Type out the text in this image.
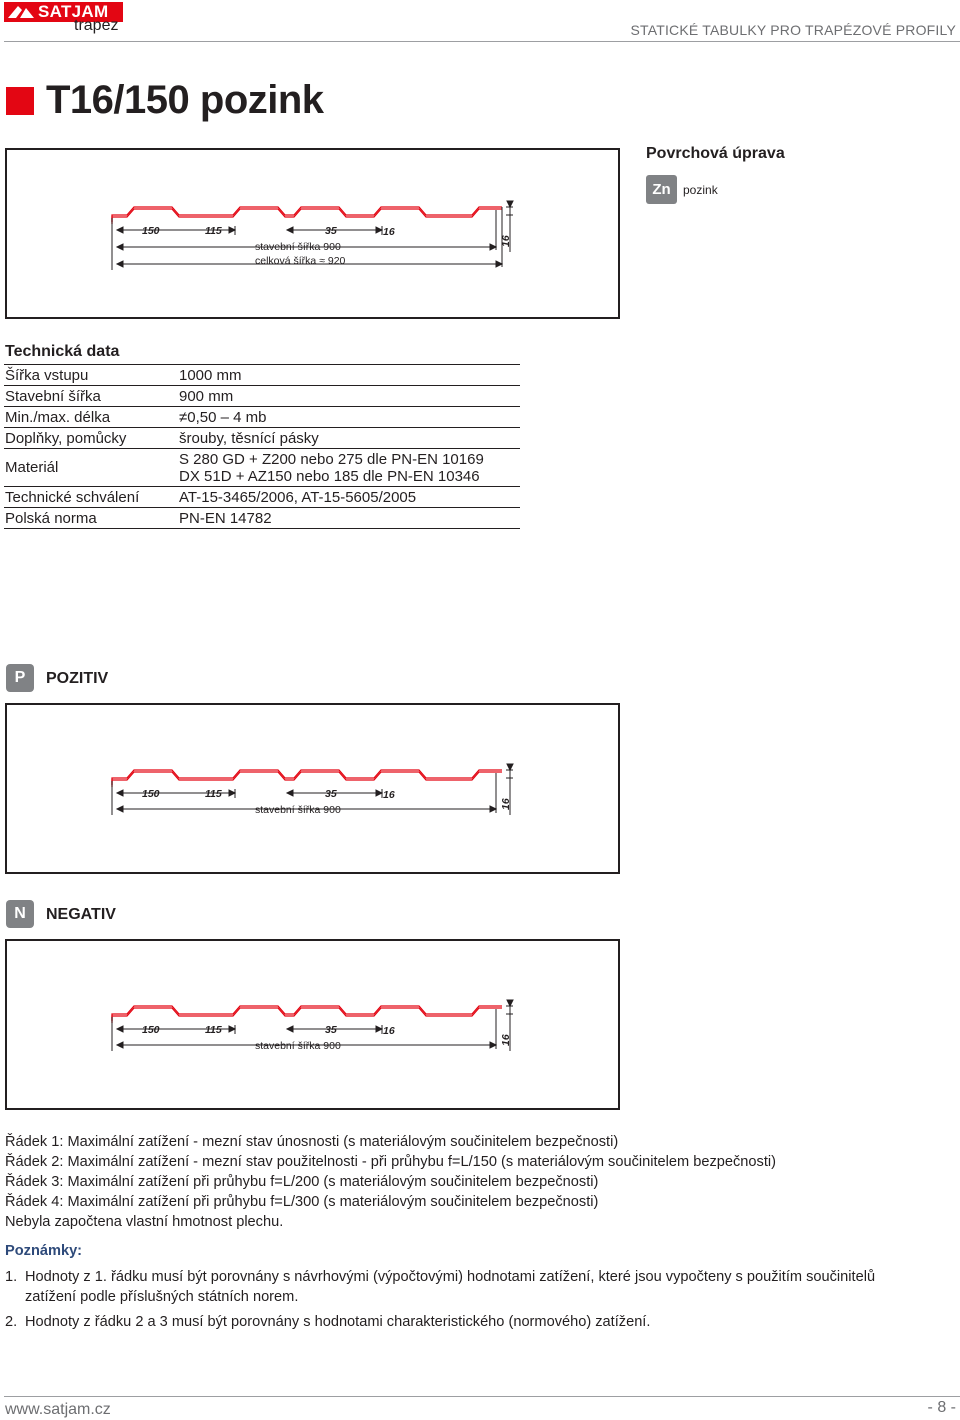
SATJAM
trapez	STATICKÉ TABULKY PRO TRAPÉZOVÉ PROFILY
T16/150 pozink
150	115	35	16
16
stavební šířka 900
celková šířka ≈ 920
Povrchová úprava
Zn	pozink
Technická data
Šířka vstupu	1000 mm
Stavební šířka	900 mm
Min./max. délka	≠0,50 – 4 mb
Doplňky, pomůcky	šrouby, těsnící pásky
Materiál	S 280 GD + Z200 nebo 275 dle PN-EN 10169
DX 51D + AZ150 nebo 185 dle PN-EN 10346

Technické schválení	AT-15-3465/2006, AT-15-5605/2005
Polská norma	PN-EN 14782
P	POZITIV
150	115	35	16
16
stavební šířka 900
N	NEGATIV
150	115	35	16
16
stavební šířka 900
Řádek 1: Maximální zatížení - mezní stav únosnosti (s materiálovým součinitelem bezpečnosti)
Řádek 2: Maximální zatížení - mezní stav použitelnosti - při průhybu f=L/150 (s materiálovým součinitelem bezpečnosti)
Řádek 3: Maximální zatížení při průhybu f=L/200 (s materiálovým součinitelem bezpečnosti)
Řádek 4: Maximální zatížení při průhybu f=L/300 (s materiálovým součinitelem bezpečnosti)
Nebyla započtena vlastní hmotnost plechu.
Poznámky:
1. Hodnoty z 1. řádku musí být porovnány s návrhovými (výpočtovými) hodnotami zatížení, které jsou vypočteny s použitím součinitelů
zatížení podle příslušných státních norem.
2. Hodnoty z řádku 2 a 3 musí být porovnány s hodnotami charakteristického (normového) zatížení.
www.satjam.cz	- 8 -
